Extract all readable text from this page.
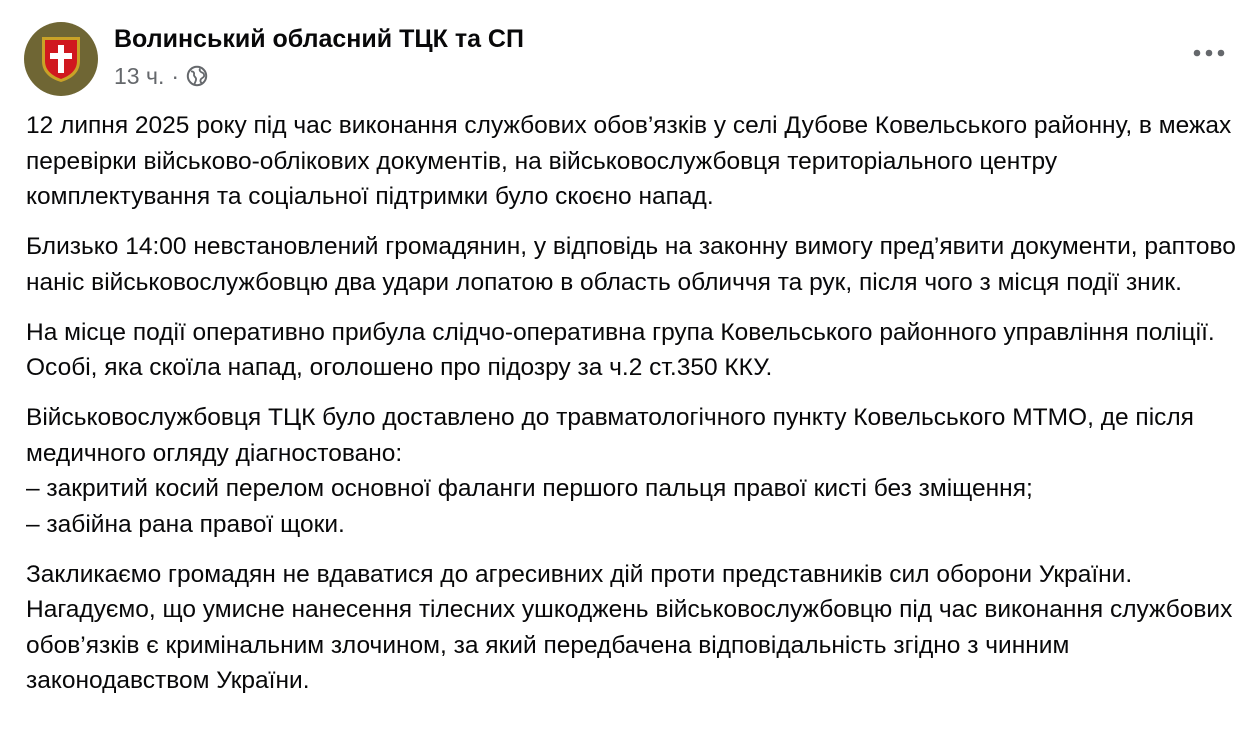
Волинський обласний ТЦК та СП
13 ч. ·

12 липня 2025 року під час виконання службових обов’язків у селі Дубове Ковельського районну, в межах перевірки військово-облікових документів, на військовослужбовця територіального центру комплектування та соціальної підтримки було скоєно напад.

Близько 14:00 невстановлений громадянин, у відповідь на законну вимогу пред’явити документи, раптово наніс військовослужбовцю два удари лопатою в область обличчя та рук, після чого з місця події зник.

На місце події оперативно прибула слідчо-оперативна група Ковельського районного управління поліції. Особі, яка скоїла напад, оголошено про підозру за ч.2 ст.350 ККУ.

Військовослужбовця ТЦК було доставлено до травматологічного пункту Ковельського МТМО, де після медичного огляду діагностовано:
– закритий косий перелом основної фаланги першого пальця правої кисті без зміщення;
– забійна рана правої щоки.

Закликаємо громадян не вдаватися до агресивних дій проти представників сил оборони України. Нагадуємо, що умисне нанесення тілесних ушкоджень військовослужбовцю під час виконання службових обов’язків є кримінальним злочином, за який передбачена відповідальність згідно з чинним законодавством України.
